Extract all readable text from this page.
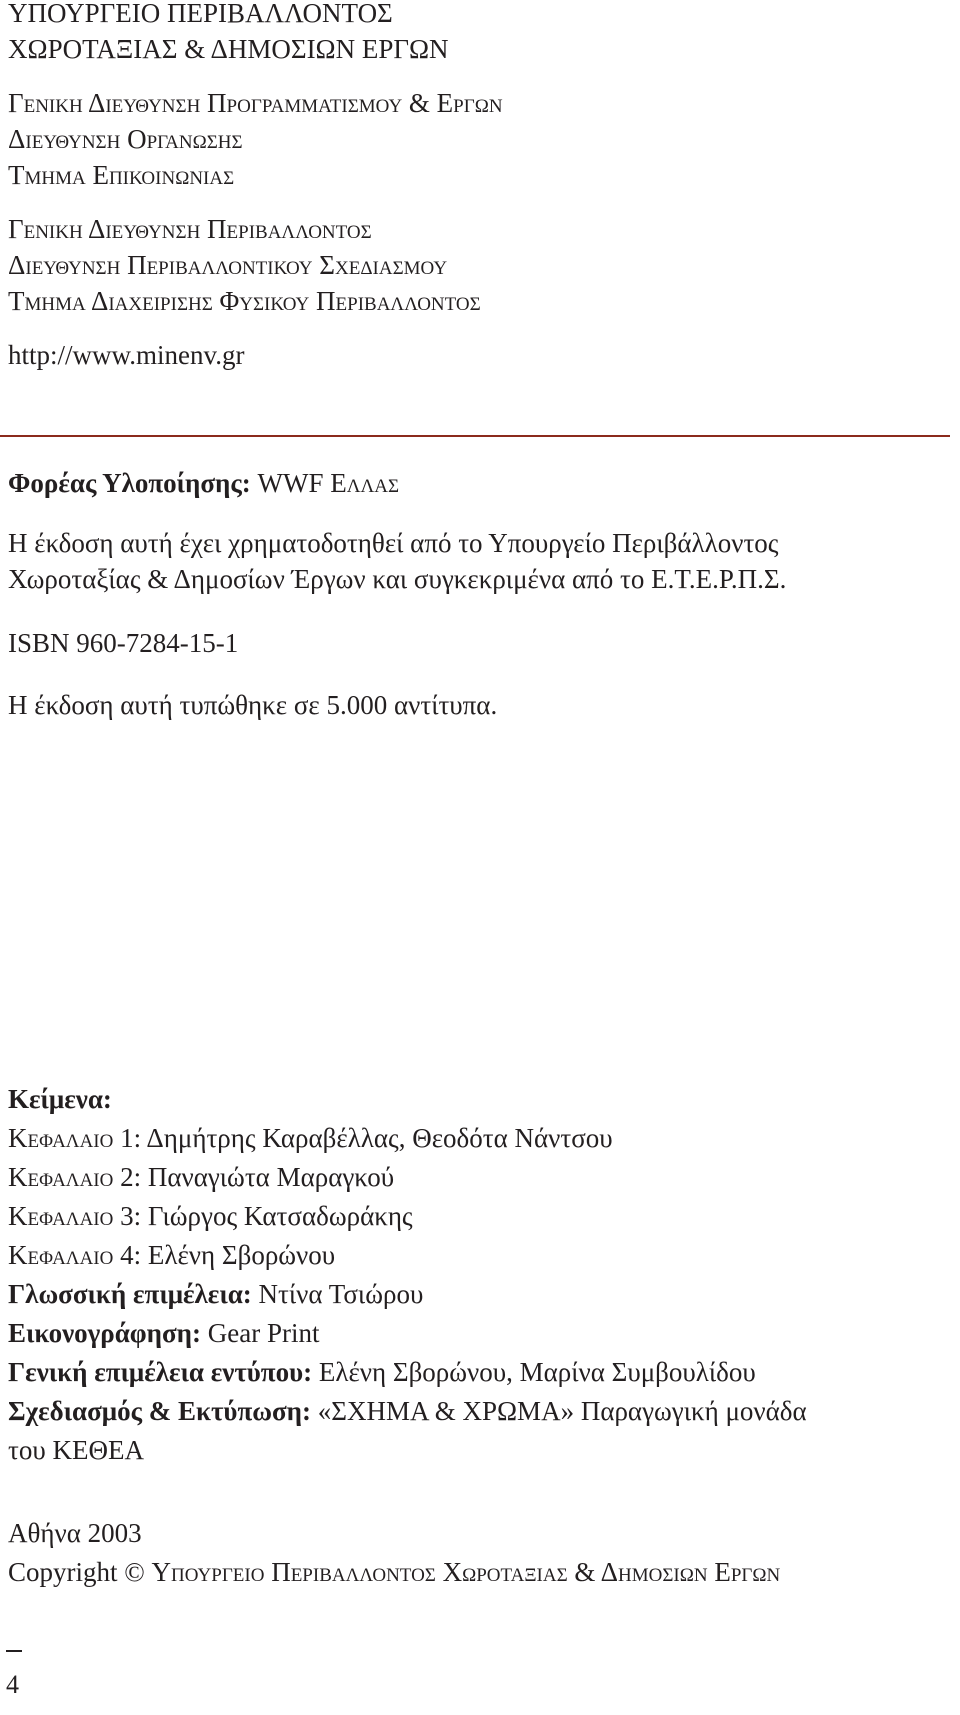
ΥΠΟΥΡΓΕΙΟ ΠΕΡΙΒΑΛΛΟΝΤΟΣ
ΧΩΡΟΤΑΞΙΑΣ & ΔΗΜΟΣΙΩΝ ΕΡΓΩΝ
Γενικη Διευθυνση Προγραμματισμου & Εργων
Διευθυνση Οργανωσης
Τμημα Επικοινωνιας
Γενικη Διευθυνση Περιβαλλοντος
Διευθυνση Περιβαλλοντικου Σχεδιασμου
Τμημα Διαχειρισης Φυσικου Περιβαλλοντος
http://www.minenv.gr
Φορέας Υλοποίησης: WWF Ελλας
Η έκδοση αυτή έχει χρηματοδοτηθεί από το Υπουργείο Περιβάλλοντος
Χωροταξίας & Δημοσίων Έργων και συγκεκριμένα από το Ε.Τ.Ε.Ρ.Π.Σ.
ISBN 960-7284-15-1
Η έκδοση αυτή τυπώθηκε σε 5.000 αντίτυπα.
Κείμενα:
Κεφαλαιο 1: Δημήτρης Καραβέλλας, Θεοδότα Νάντσου
Κεφαλαιο 2: Παναγιώτα Μαραγκού
Κεφαλαιο 3: Γιώργος Κατσαδωράκης
Κεφαλαιο 4: Ελένη Σβορώνου
Γλωσσική επιμέλεια: Ντίνα Τσιώρου
Εικονογράφηση: Gear Print
Γενική επιμέλεια εντύπου: Ελένη Σβορώνου, Μαρίνα Συμβουλίδου
Σχεδιασμός & Εκτύπωση: «ΣΧΗΜΑ & ΧΡΩΜΑ» Παραγωγική μονάδα
του ΚΕΘΕΑ
Αθήνα 2003
Copyright © Υπουργειο Περιβαλλοντος Χωροταξιας & Δημοσιων Εργων
4
